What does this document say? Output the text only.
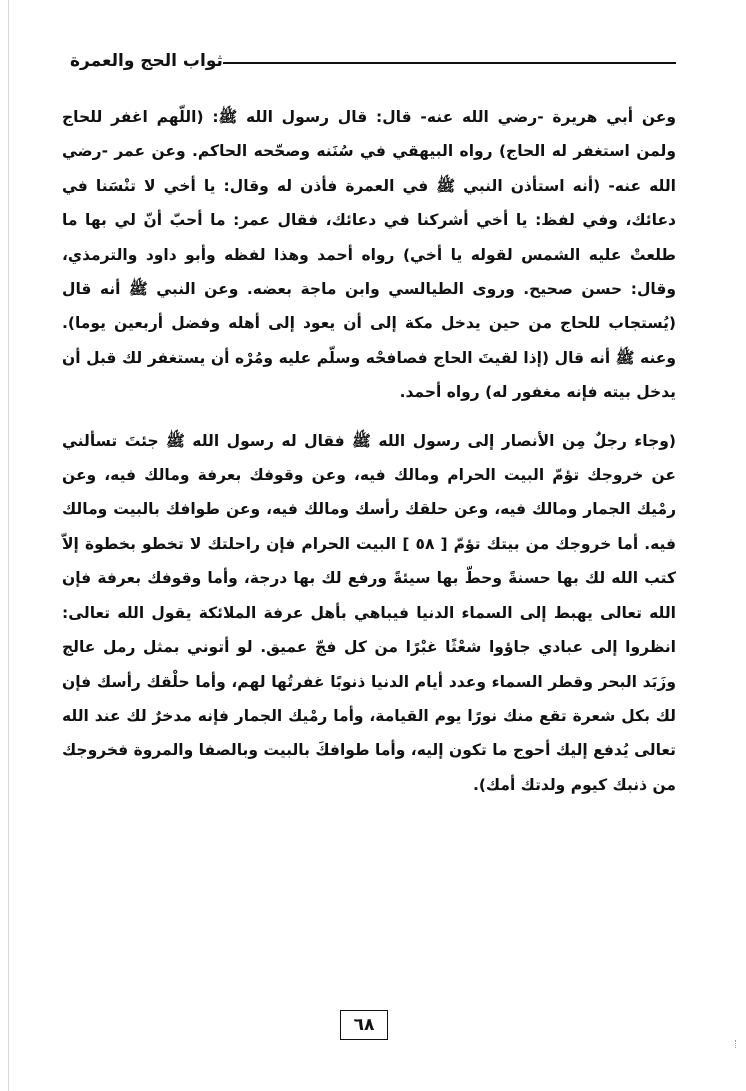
ثواب الحج والعمرة

وعن أبي هريرة -رضي الله عنه- قال: قال رسول الله ﷺ: (اللّهم اغفر للحاج ولمن استغفر له الحاج) رواه البيهقي في سُنَنه وصحّحه الحاكم. وعن عمر -رضي الله عنه- (أنه استأذن النبي ﷺ في العمرة فأذن له وقال: يا أخي لا تنْسَنا في دعائك، وفي لفظ: يا أخي أشركنا في دعائك، فقال عمر: ما أحبّ أنّ لي بها ما طلعتْ عليه الشمس لقوله يا أخي) رواه أحمد وهذا لفظه وأبو داود والترمذي، وقال: حسن صحيح. وروى الطيالسي وابن ماجة بعضه. وعن النبي ﷺ أنه قال (يُستجاب للحاج من حين يدخل مكة إلى أن يعود إلى أهله وفضل أربعين يوما). وعنه ﷺ أنه قال (إذا لقيتَ الحاج فصافحْه وسلّم عليه ومُرْه أن يستغفر لك قبل أن يدخل بيته فإنه مغفور له) رواه أحمد.

(وجاء رجلٌ مِن الأنصار إلى رسول الله ﷺ فقال له رسول الله ﷺ جئتَ تسألني عن خروجك تؤمّ البيت الحرام ومالك فيه، وعن وقوفك بعرفة ومالك فيه، وعن رمْيك الجمار ومالك فيه، وعن حلقك رأسك ومالك فيه، وعن طوافك بالبيت ومالك فيه. أما خروجك من بيتك تؤمّ [ ٥٨ ] البيت الحرام فإن راحلتك لا تخطو بخطوة إلاّ كتب الله لك بها حسنةً وحطّ بها سيئةً ورفع لك بها درجة، وأما وقوفك بعرفة فإن الله تعالى يهبط إلى السماء الدنيا فيباهي بأهل عرفة الملائكة يقول الله تعالى: انظروا إلى عبادي جاؤوا شعْثًا غبْرًا من كل فجّ عميق. لو أتوني بمثل رمل عالج وزَبَد البحر وقطر السماء وعدد أيام الدنيا ذنوبًا غفرتُها لهم، وأما حلْقك رأسك فإن لك بكل شعرة تقع منك نورًا يوم القيامة، وأما رمْيك الجمار فإنه مدخرٌ لك عند الله تعالى يُدفع إليك أحوج ما تكون إليه، وأما طوافكَ بالبيت وبالصفا والمروة فخروجك من ذنبك كيوم ولدتك أمك).

٦٨
